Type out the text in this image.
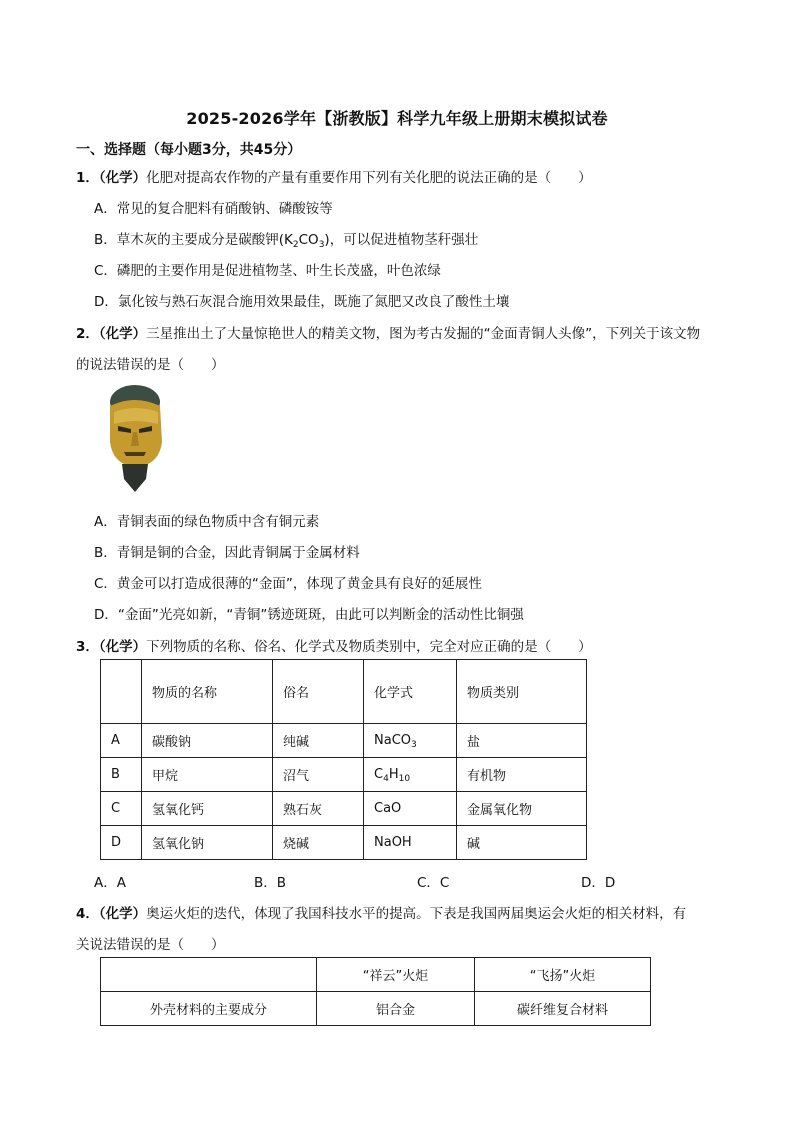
2025-2026学年【浙教版】科学九年级上册期末模拟试卷
一、选择题（每小题3分，共45分）
1．（化学）化肥对提高农作物的产量有重要作用下列有关化肥的说法正确的是（　　）
A．常见的复合肥料有硝酸钠、磷酸铵等
B．草木灰的主要成分是碳酸钾$(K_2CO_3)$，可以促进植物茎秆强壮
C．磷肥的主要作用是促进植物茎、叶生长茂盛，叶色浓绿
D．氯化铵与熟石灰混合施用效果最佳，既施了氮肥又改良了酸性土壤
2．（化学）三星推出土了大量惊艳世人的精美文物，图为考古发掘的“金面青铜人头像”，下列关于该文物
的说法错误的是（　　）
A．青铜表面的绿色物质中含有铜元素
B．青铜是铜的合金，因此青铜属于金属材料
C．黄金可以打造成很薄的“金面”，体现了黄金具有良好的延展性
D．“金面”光亮如新，“青铜”锈迹斑斑，由此可以判断金的活动性比铜强
3．（化学）下列物质的名称、俗名、化学式及物质类别中，完全对应正确的是（　　）
	物质的名称	俗名	化学式	物质类别
A	碳酸钠	纯碱	NaCO$_3$	盐
B	甲烷	沼气	$C_4H_{10}$	有机物
C	氢氧化钙	熟石灰	CaO	金属氧化物
D	氢氧化钠	烧碱	NaOH	碱
A．A	B．B	C．C	D．D
4．（化学）奥运火炬的迭代，体现了我国科技水平的提高。下表是我国两届奥运会火炬的相关材料，有
关说法错误的是（　　）
	“祥云”火炬	“飞扬”火炬
外壳材料的主要成分	铝合金	碳纤维复合材料
